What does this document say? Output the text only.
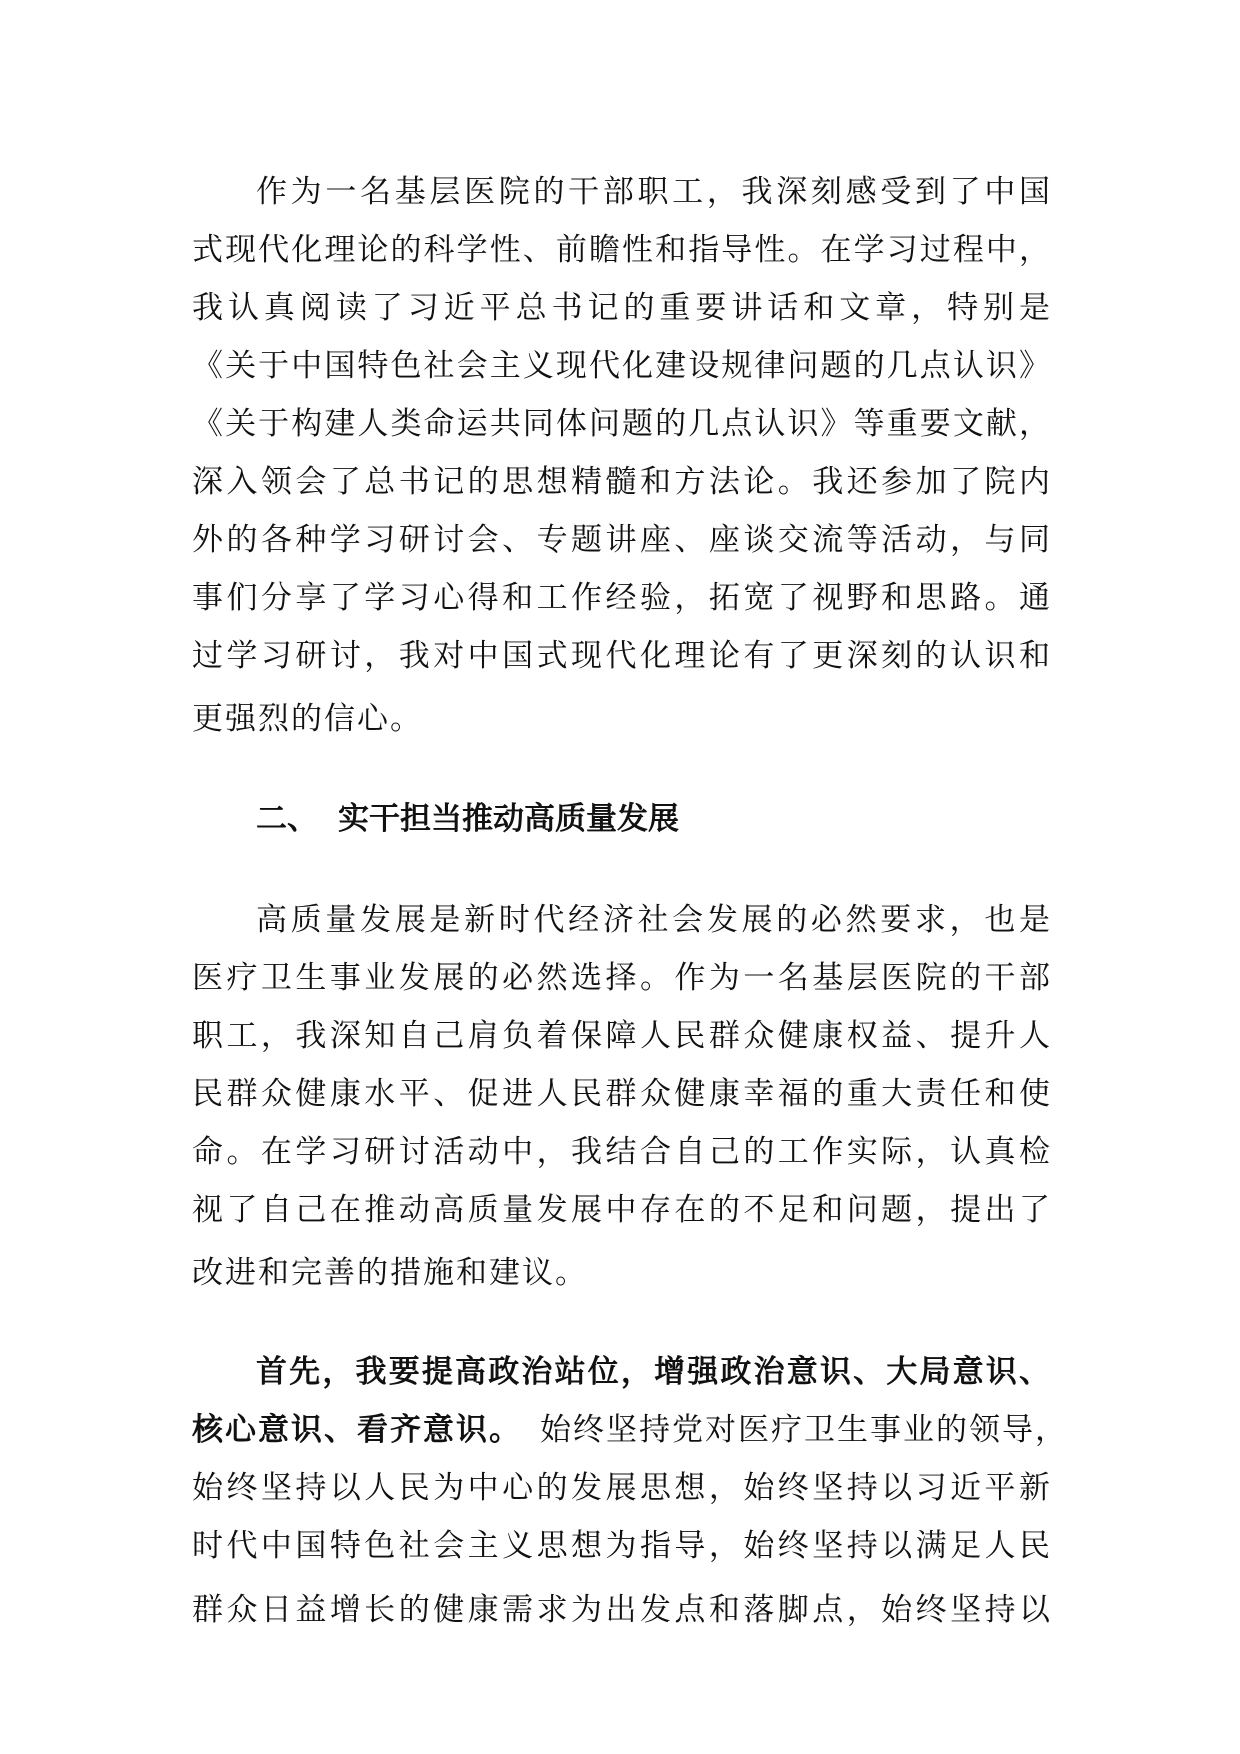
作为一名基层医院的干部职工，我深刻感受到了中国
式现代化理论的科学性、前瞻性和指导性。在学习过程中，
我认真阅读了习近平总书记的重要讲话和文章，特别是
《关于中国特色社会主义现代化建设规律问题的几点认识》
《关于构建人类命运共同体问题的几点认识》等重要文献，
深入领会了总书记的思想精髓和方法论。我还参加了院内
外的各种学习研讨会、专题讲座、座谈交流等活动，与同
事们分享了学习心得和工作经验，拓宽了视野和思路。通
过学习研讨，我对中国式现代化理论有了更深刻的认识和
更强烈的信心。
二、 实干担当推动高质量发展
高质量发展是新时代经济社会发展的必然要求，也是
医疗卫生事业发展的必然选择。作为一名基层医院的干部
职工，我深知自己肩负着保障人民群众健康权益、提升人
民群众健康水平、促进人民群众健康幸福的重大责任和使
命。在学习研讨活动中，我结合自己的工作实际，认真检
视了自己在推动高质量发展中存在的不足和问题，提出了
改进和完善的措施和建议。
首先，我要提高政治站位，增强政治意识、大局意识、
核心意识、看齐意识。 始终坚持党对医疗卫生事业的领导，
始终坚持以人民为中心的发展思想，始终坚持以习近平新
时代中国特色社会主义思想为指导，始终坚持以满足人民
群众日益增长的健康需求为出发点和落脚点，始终坚持以
